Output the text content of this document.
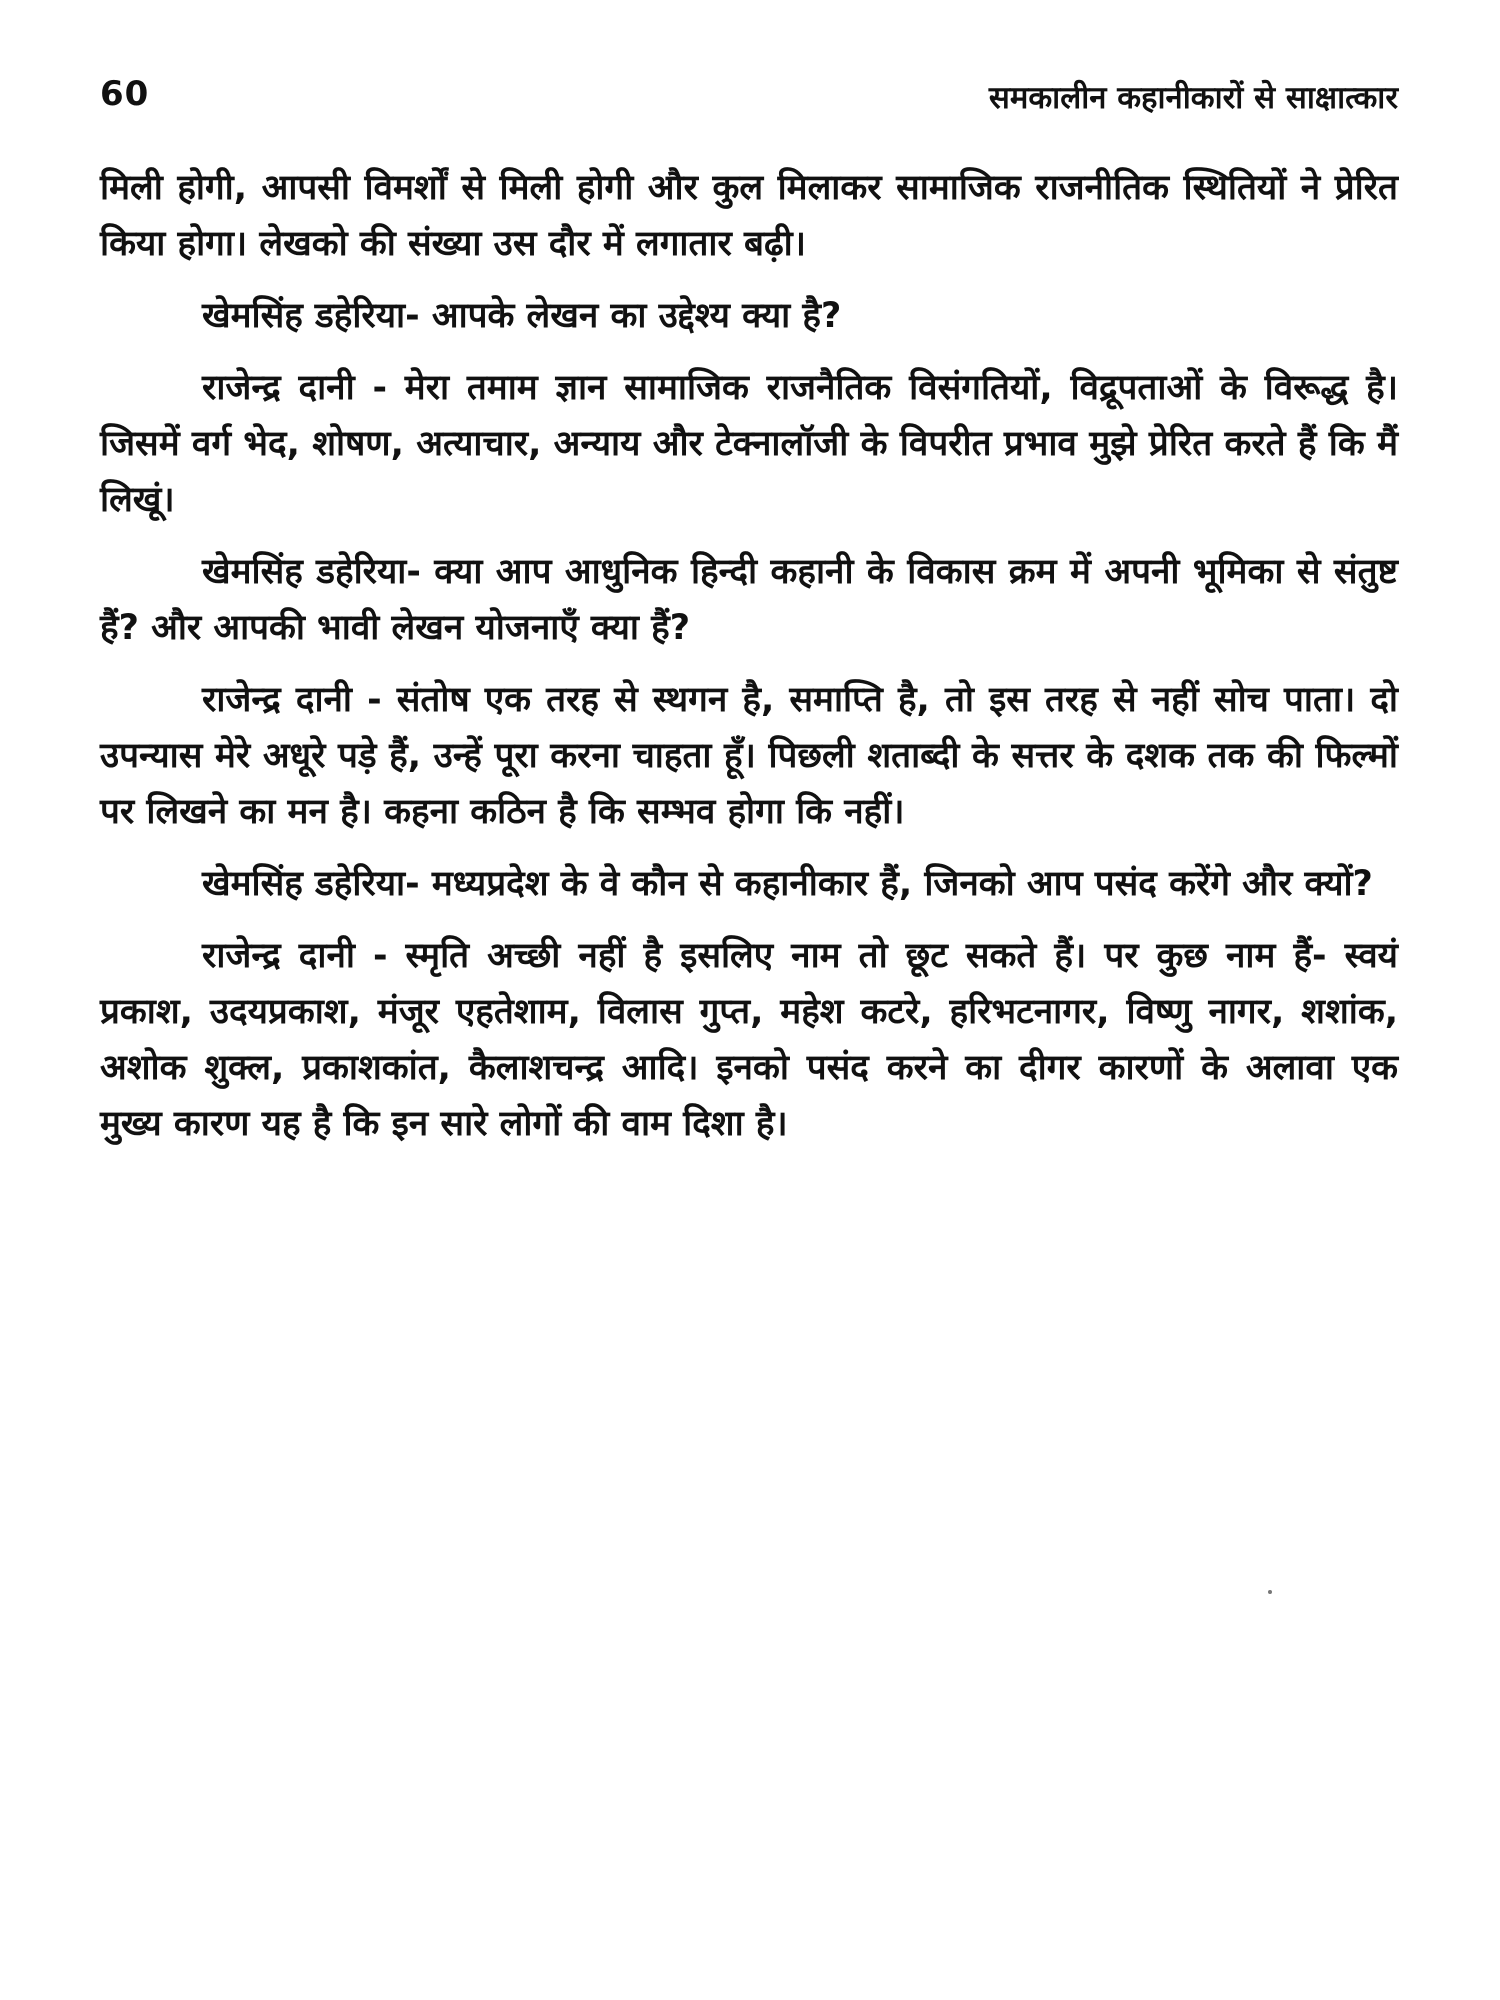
60	समकालीन कहानीकारों से साक्षात्कार

मिली होगी, आपसी विमर्शों से मिली होगी और कुल मिलाकर सामाजिक राजनीतिक स्थितियों ने प्रेरित किया होगा। लेखको की संख्या उस दौर में लगातार बढ़ी।

खेमसिंह डहेरिया- आपके लेखन का उद्देश्य क्या है?

राजेन्द्र दानी - मेरा तमाम ज्ञान सामाजिक राजनैतिक विसंगतियों, विद्रूपताओं के विरूद्ध है। जिसमें वर्ग भेद, शोषण, अत्याचार, अन्याय और टेक्नालॉजी के विपरीत प्रभाव मुझे प्रेरित करते हैं कि मैं लिखूं।

खेमसिंह डहेरिया- क्या आप आधुनिक हिन्दी कहानी के विकास क्रम में अपनी भूमिका से संतुष्ट हैं? और आपकी भावी लेखन योजनाएँ क्या हैं?

राजेन्द्र दानी - संतोष एक तरह से स्थगन है, समाप्ति है, तो इस तरह से नहीं सोच पाता। दो उपन्यास मेरे अधूरे पड़े हैं, उन्हें पूरा करना चाहता हूँ। पिछली शताब्दी के सत्तर के दशक तक की फिल्मों पर लिखने का मन है। कहना कठिन है कि सम्भव होगा कि नहीं।

खेमसिंह डहेरिया- मध्यप्रदेश के वे कौन से कहानीकार हैं, जिनको आप पसंद करेंगे और क्यों?

राजेन्द्र दानी - स्मृति अच्छी नहीं है इसलिए नाम तो छूट सकते हैं। पर कुछ नाम हैं- स्वयं प्रकाश, उदयप्रकाश, मंजूर एहतेशाम, विलास गुप्त, महेश कटरे, हरिभटनागर, विष्णु नागर, शशांक, अशोक शुक्ल, प्रकाशकांत, कैलाशचन्द्र आदि। इनको पसंद करने का दीगर कारणों के अलावा एक मुख्य कारण यह है कि इन सारे लोगों की वाम दिशा है।
